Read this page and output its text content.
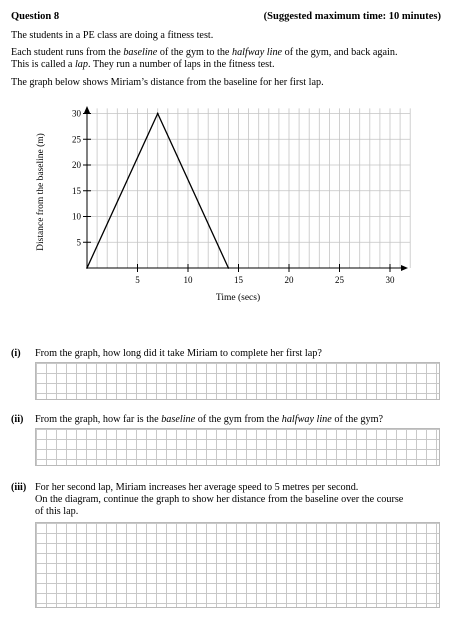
Question 8	(Suggested maximum time: 10 minutes)
The students in a PE class are doing a fitness test.
Each student runs from the baseline of the gym to the halfway line of the gym, and back again.
This is called a lap. They run a number of laps in the fitness test.
The graph below shows Miriam’s distance from the baseline for her first lap.
5	10	15	20	25	30
5
10
15
20
25
30
Distance from the baseline (m)
Time (secs)
(i) From the graph, how long did it take Miriam to complete her first lap?
(ii) From the graph, how far is the baseline of the gym from the halfway line of the gym?
(iii) For her second lap, Miriam increases her average speed to 5 metres per second.
On the diagram, continue the graph to show her distance from the baseline over the course
of this lap.
